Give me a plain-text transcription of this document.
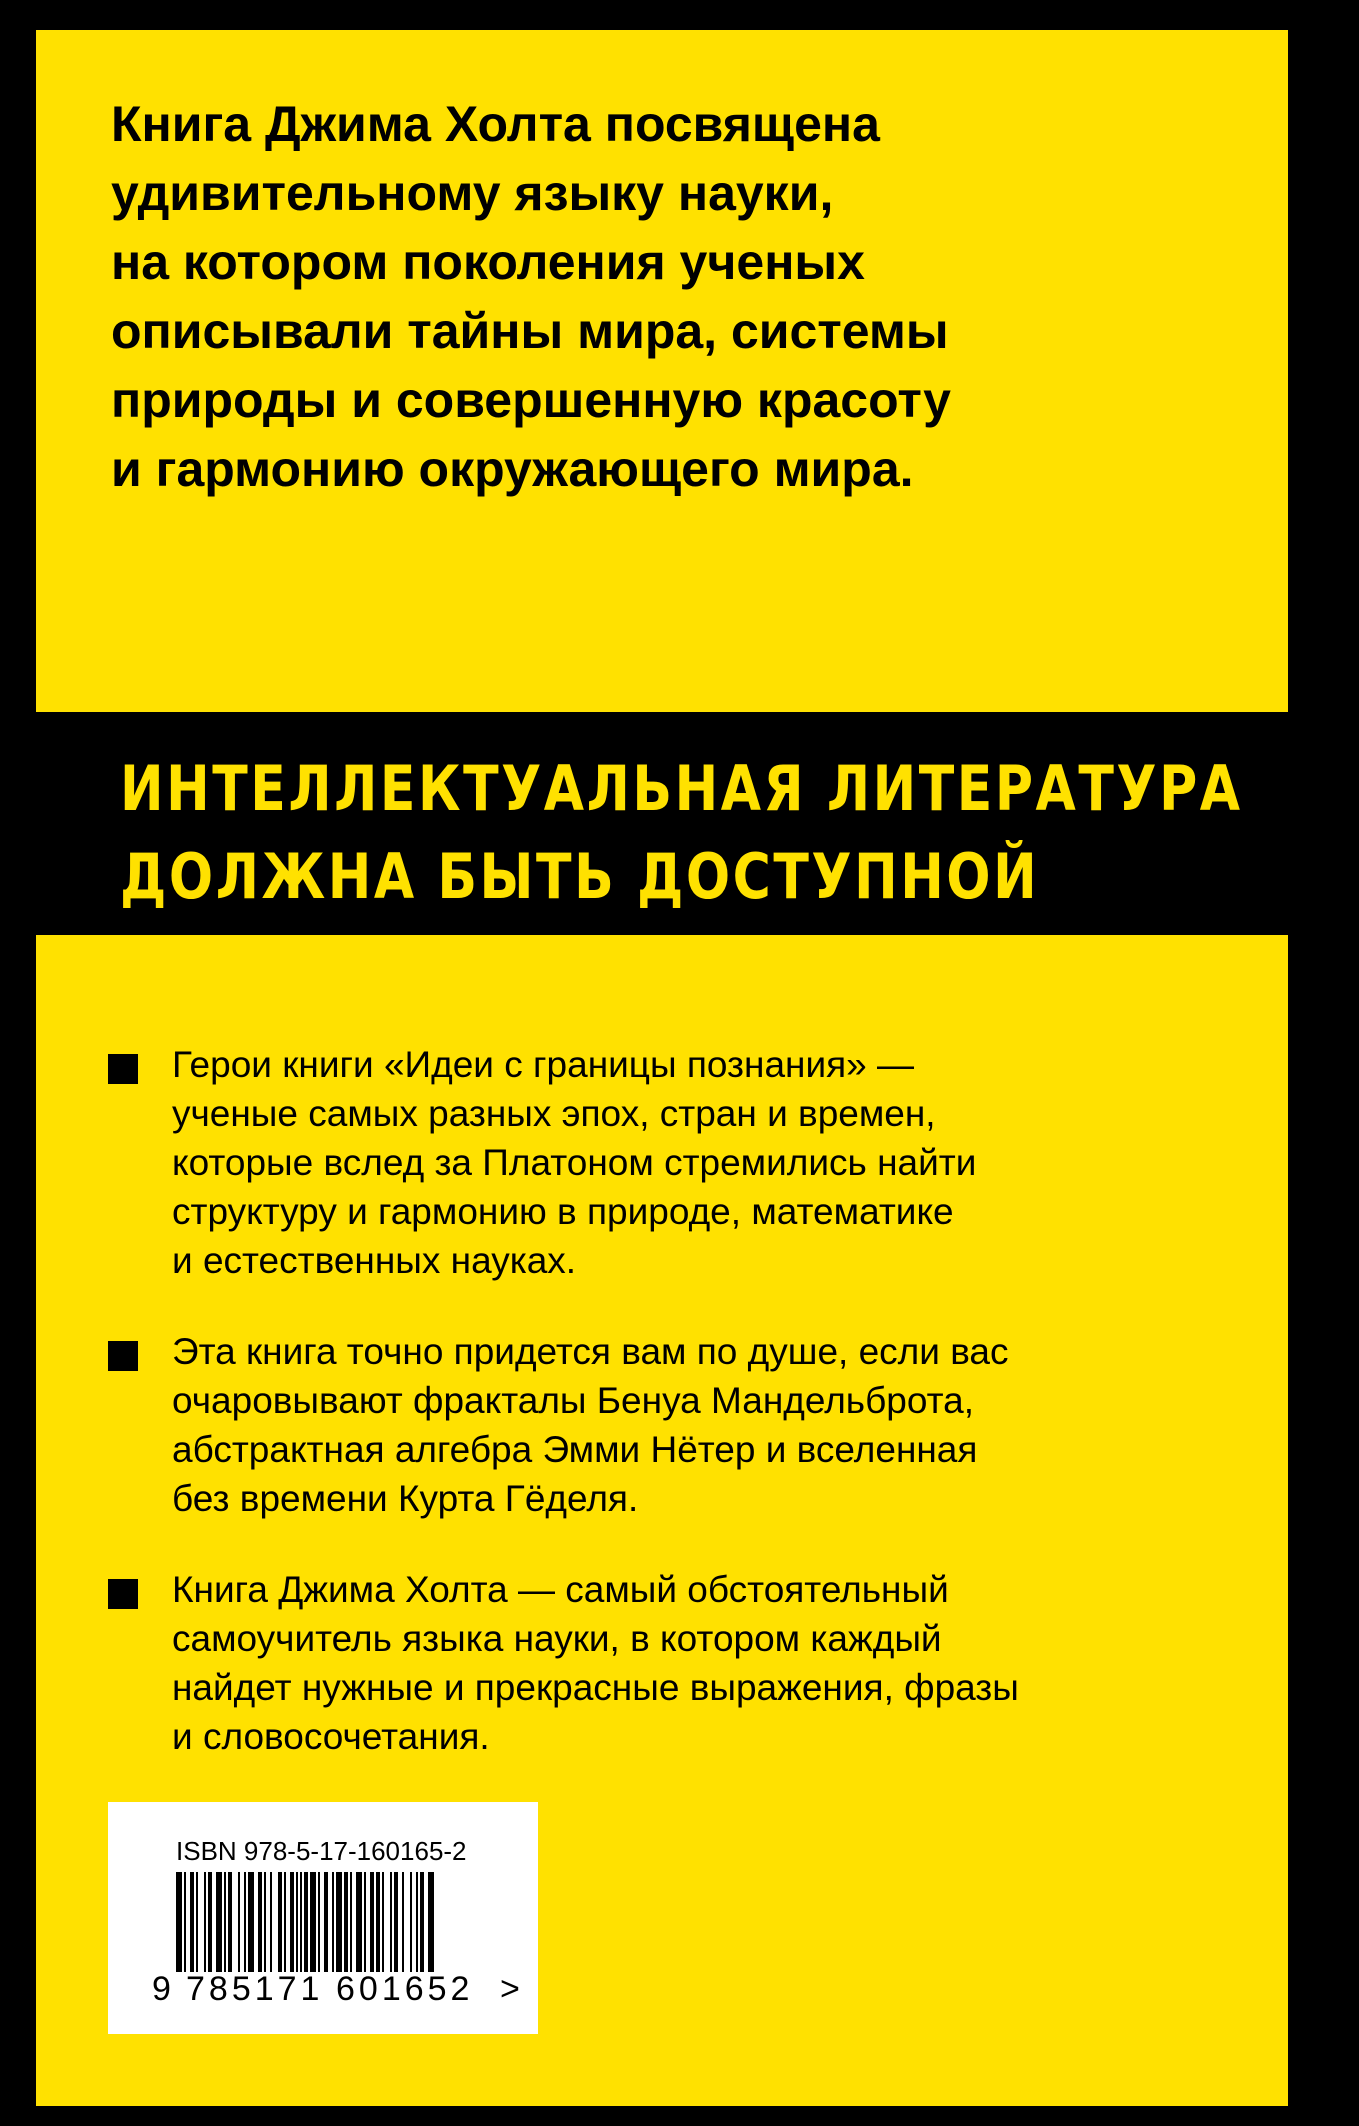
Книга Джима Холта посвящена
удивительному языку науки,
на котором поколения ученых
описывали тайны мира, системы
природы и совершенную красоту
и гармонию окружающего мира.
ИНТЕЛЛЕКТУАЛЬНАЯ ЛИТЕРАТУРА
ДОЛЖНА БЫТЬ ДОСТУПНОЙ
Герои книги «Идеи с границы познания» —
ученые самых разных эпох, стран и времен,
которые вслед за Платоном стремились найти
структуру и гармонию в природе, математике
и естественных науках.
Эта книга точно придется вам по душе, если вас
очаровывают фракталы Бенуа Мандельброта,
абстрактная алгебра Эмми Нётер и вселенная
без времени Курта Гёделя.
Книга Джима Холта — самый обстоятельный
самоучитель языка науки, в котором каждый
найдет нужные и прекрасные выражения, фразы
и словосочетания.
ISBN 978-5-17-160165-2
9 785171 601652 >
